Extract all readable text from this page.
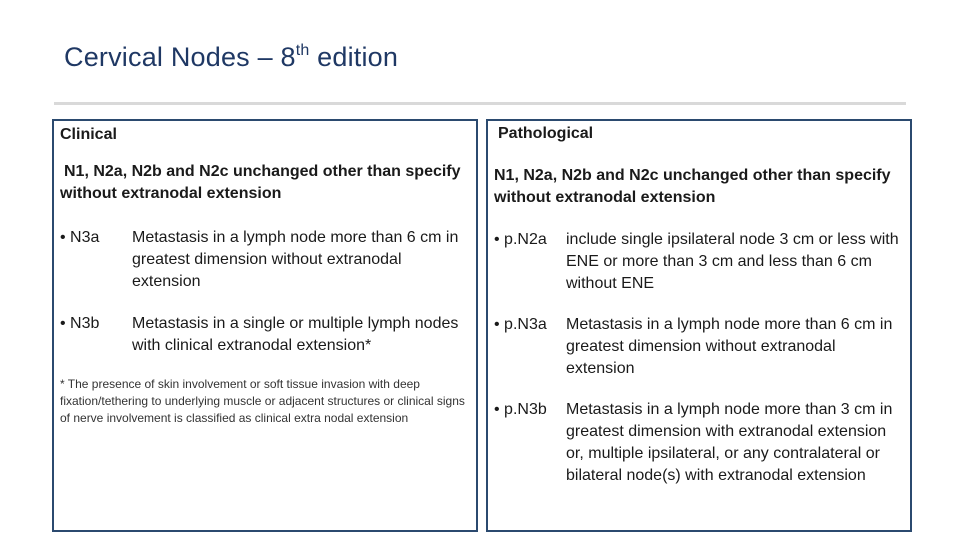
Cervical Nodes – 8th edition
Clinical
N1, N2a, N2b and N2c unchanged other than specify without extranodal extension
• N3a Metastasis in a lymph node more than 6 cm in greatest dimension without extranodal extension
• N3b Metastasis in a single or multiple lymph nodes with clinical extranodal extension*
* The presence of skin involvement or soft tissue invasion with deep fixation/tethering to underlying muscle or adjacent structures or clinical signs of nerve involvement is classified as clinical extra nodal extension
Pathological
N1, N2a, N2b and N2c unchanged other than specify without extranodal extension
• p.N2a include single ipsilateral node 3 cm or less with ENE or more than 3 cm and less than 6 cm without ENE
• p.N3a Metastasis in a lymph node more than 6 cm in greatest dimension without extranodal extension
• p.N3b Metastasis in a lymph node more than 3 cm in greatest dimension with extranodal extension or, multiple ipsilateral, or any contralateral or bilateral node(s) with extranodal extension
